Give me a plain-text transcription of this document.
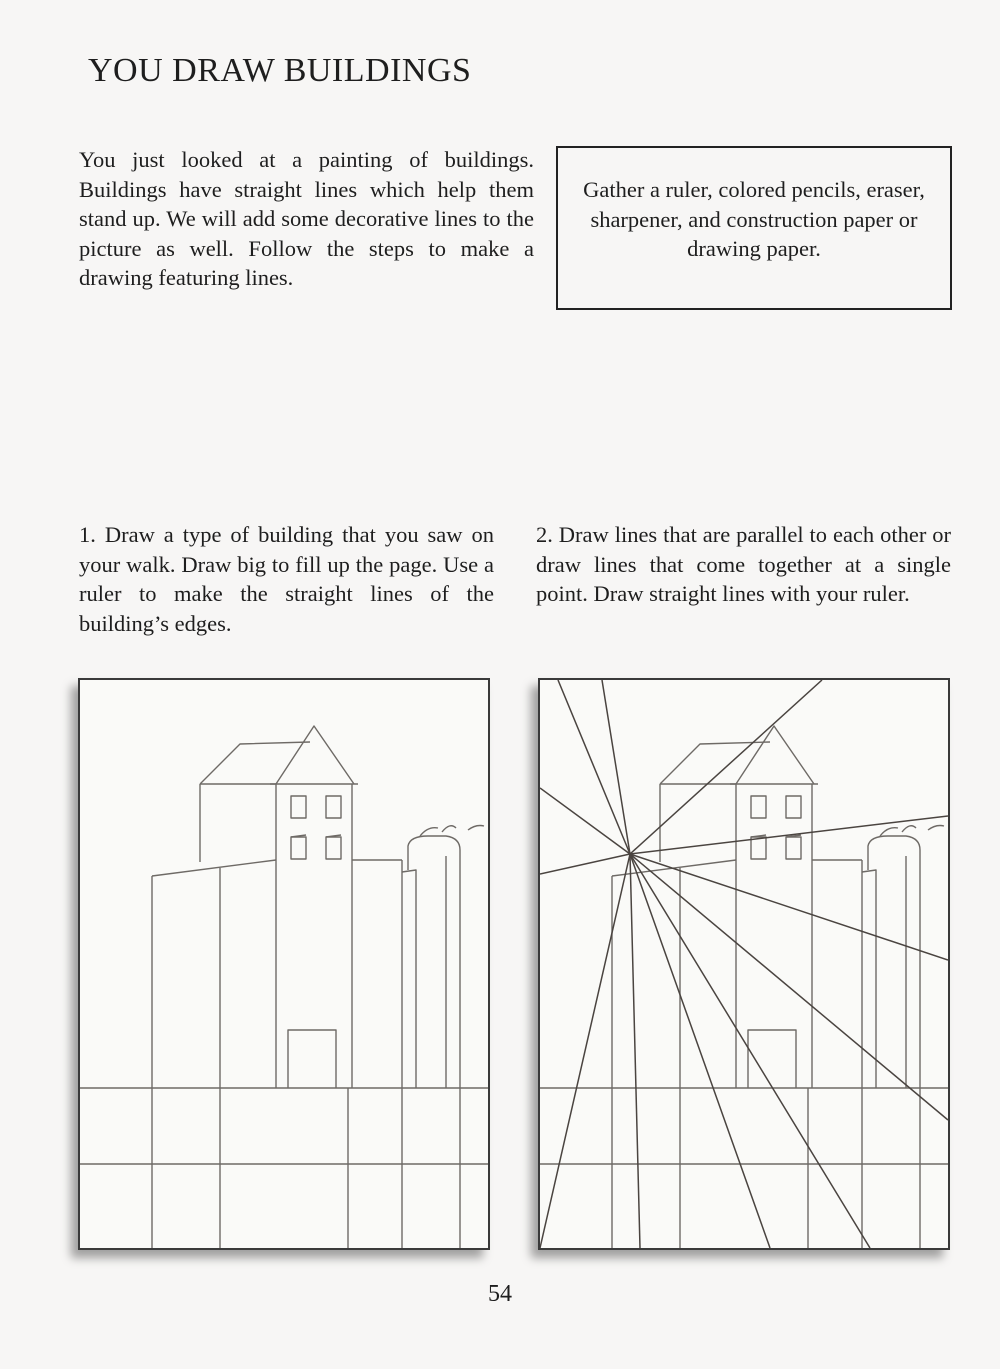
YOU DRAW BUILDINGS

You just looked at a painting of buildings. Buildings have straight lines which help them stand up. We will add some decorative lines to the picture as well. Follow the steps to make a drawing featuring lines.

Gather a ruler, colored pencils, eraser, sharpener, and construction paper or drawing paper.

1. Draw a type of building that you saw on your walk. Draw big to fill up the page. Use a ruler to make the straight lines of the building’s edges.

2. Draw lines that are parallel to each other or draw lines that come together at a single point. Draw straight lines with your ruler.

54
